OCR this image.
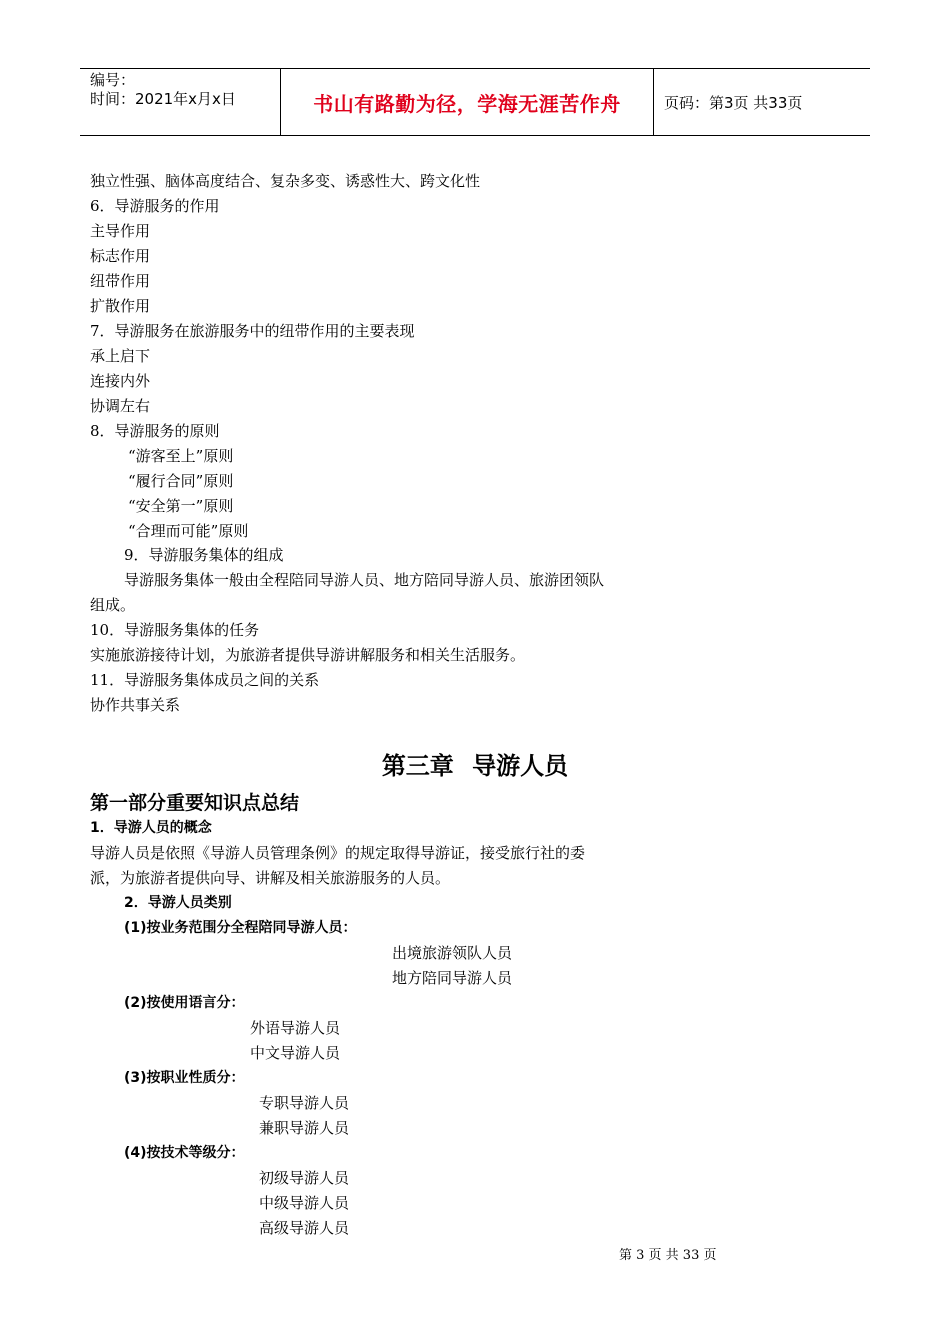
编号：
时间：2021年x月x日	书山有路勤为径，学海无涯苦作舟	页码：第3页 共33页
独立性强、脑体高度结合、复杂多变、诱惑性大、跨文化性
6．导游服务的作用
主导作用
标志作用
纽带作用
扩散作用
7．导游服务在旅游服务中的纽带作用的主要表现
承上启下
连接内外
协调左右
8．导游服务的原则
“游客至上”原则
“履行合同”原则
“安全第一”原则
“合理而可能”原则
9．导游服务集体的组成
导游服务集体一般由全程陪同导游人员、地方陪同导游人员、旅游团领队
组成。
10．导游服务集体的任务
实施旅游接待计划，为旅游者提供导游讲解服务和相关生活服务。
11．导游服务集体成员之间的关系
协作共事关系
第三章 导游人员
第一部分重要知识点总结
1．导游人员的概念
导游人员是依照《导游人员管理条例》的规定取得导游证，接受旅行社的委
派，为旅游者提供向导、讲解及相关旅游服务的人员。
2．导游人员类别
(1)按业务范围分全程陪同导游人员：
出境旅游领队人员
地方陪同导游人员
(2)按使用语言分：
外语导游人员
中文导游人员
(3)按职业性质分：
专职导游人员
兼职导游人员
(4)按技术等级分：
初级导游人员
中级导游人员
高级导游人员
第 3 页 共 33 页
